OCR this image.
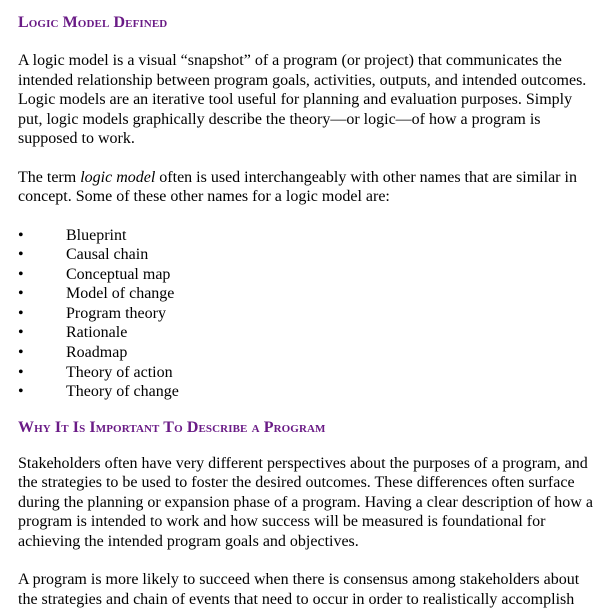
Logic Model Defined

A logic model is a visual “snapshot” of a program (or project) that communicates the intended relationship between program goals, activities, outputs, and intended outcomes. Logic models are an iterative tool useful for planning and evaluation purposes. Simply put, logic models graphically describe the theory—or logic—of how a program is supposed to work.

The term logic model often is used interchangeably with other names that are similar in concept. Some of these other names for a logic model are:

•	Blueprint
•	Causal chain
•	Conceptual map
•	Model of change
•	Program theory
•	Rationale
•	Roadmap
•	Theory of action
•	Theory of change
Why It Is Important To Describe a Program

Stakeholders often have very different perspectives about the purposes of a program, and the strategies to be used to foster the desired outcomes. These differences often surface during the planning or expansion phase of a program. Having a clear description of how a program is intended to work and how success will be measured is foundational for achieving the intended program goals and objectives.

A program is more likely to succeed when there is consensus among stakeholders about the strategies and chain of events that need to occur in order to realistically accomplish
